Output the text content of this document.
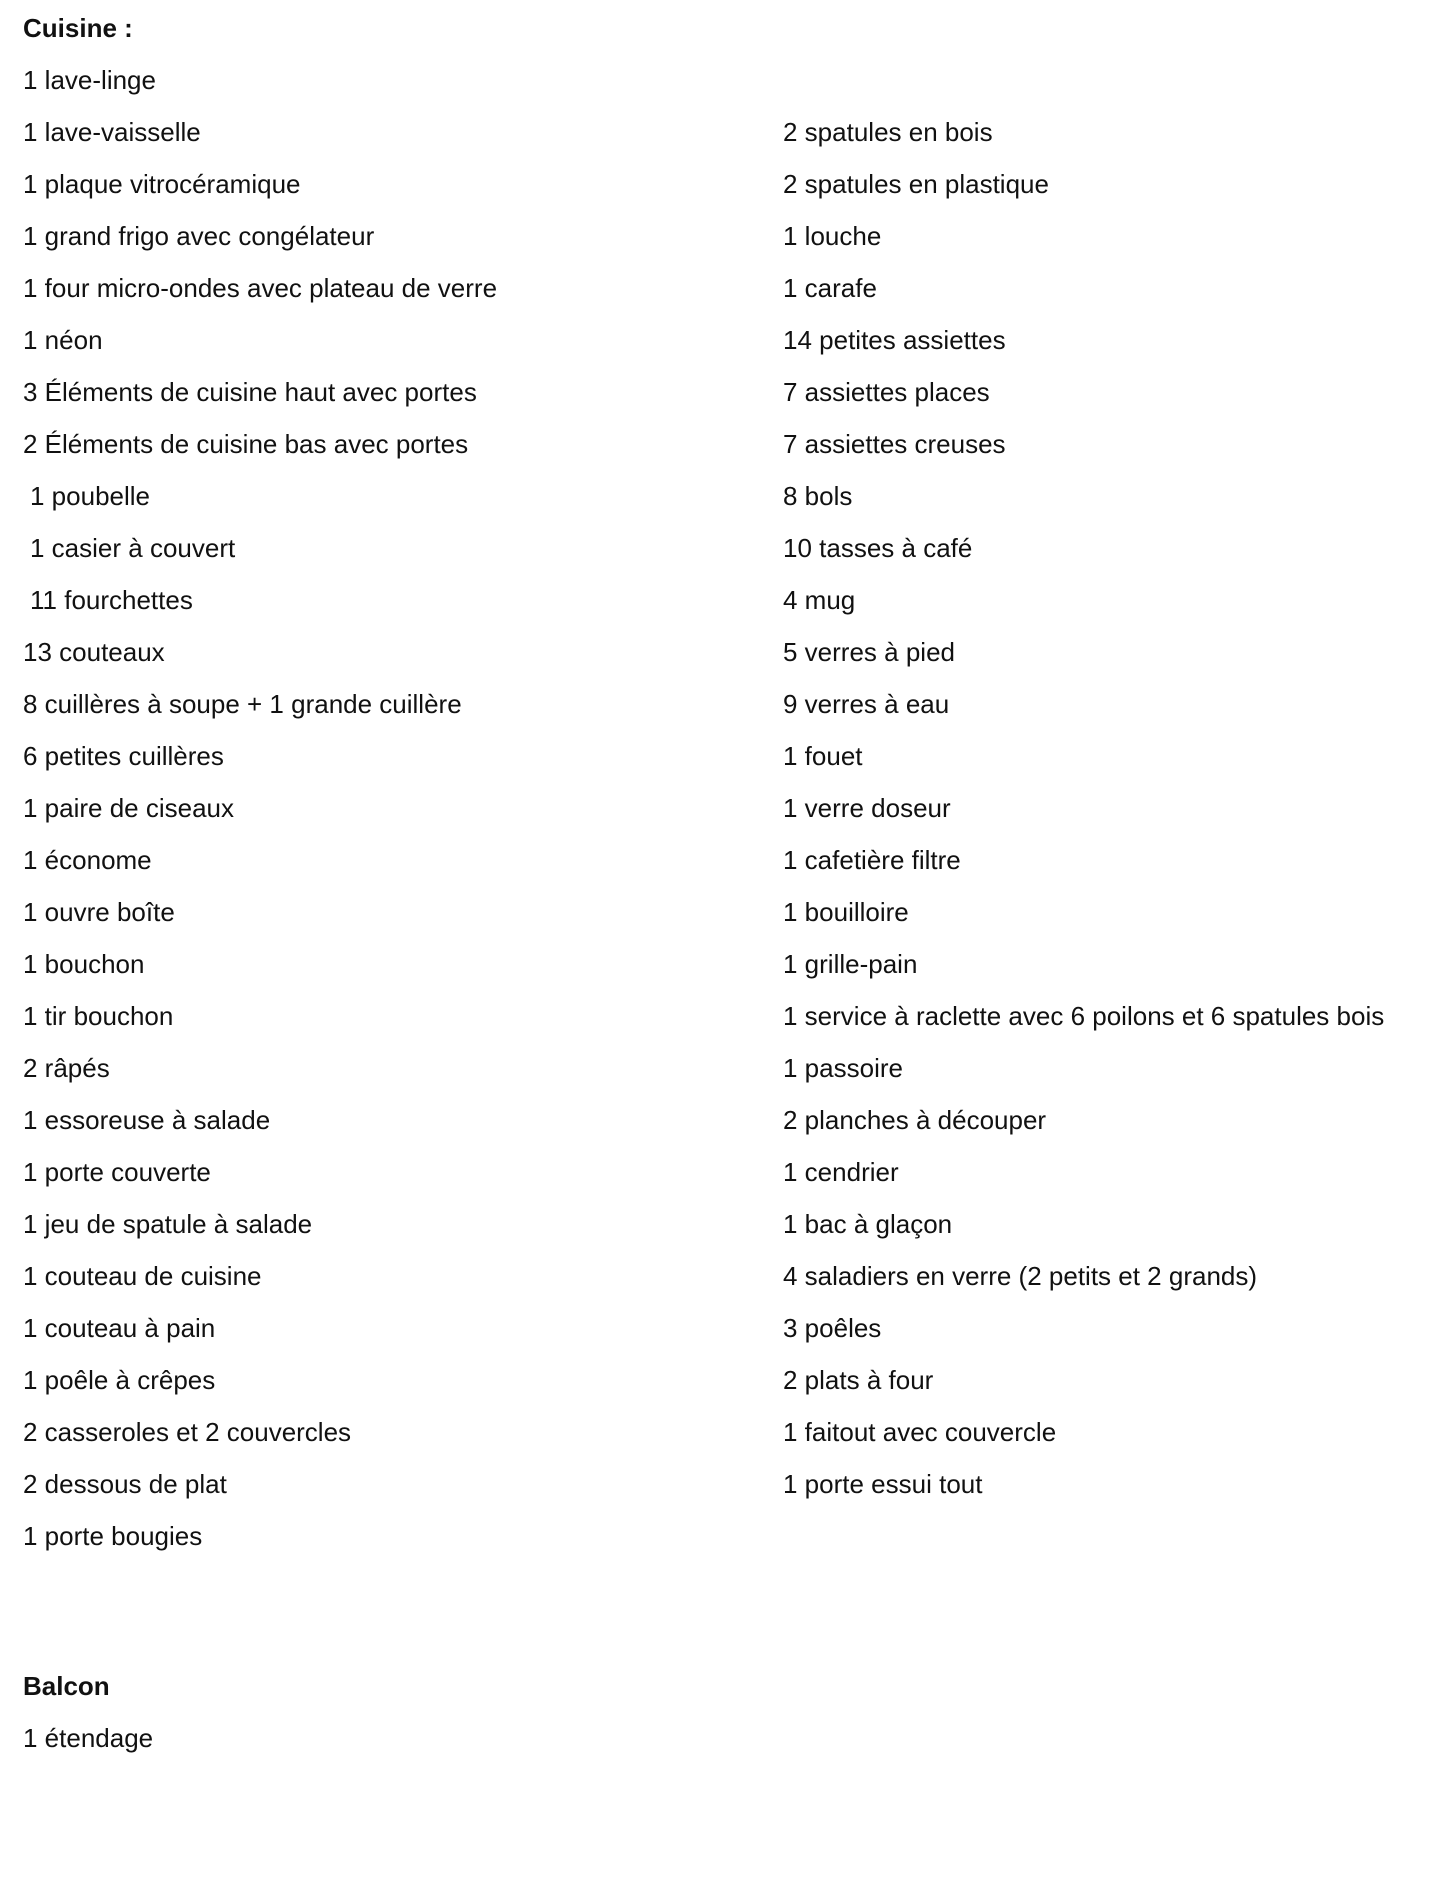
Cuisine :
1 lave-linge
1 lave-vaisselle
1 plaque vitrocéramique
1 grand frigo avec congélateur
1 four micro-ondes avec plateau de verre
1 néon
3 Éléments de cuisine haut avec portes
2 Éléments de cuisine bas avec portes
1 poubelle
1 casier à couvert
11 fourchettes
13 couteaux
8 cuillères à soupe + 1 grande cuillère
6 petites cuillères
1 paire de ciseaux
1 économe
1 ouvre boîte
1 bouchon
1 tir bouchon
2 râpés
1 essoreuse à salade
1 porte couverte
1 jeu de spatule à salade
1 couteau de cuisine
1 couteau à pain
1 poêle à crêpes
2 casseroles et 2 couvercles
2 dessous de plat
1 porte bougies
2 spatules en bois
2 spatules en plastique
1 louche
1 carafe
14 petites assiettes
7 assiettes places
7 assiettes creuses
8 bols
10 tasses à café
4 mug
5 verres à pied
9 verres à eau
1 fouet
1 verre doseur
1 cafetière filtre
1 bouilloire
1 grille-pain
1 service à raclette avec 6 poilons et 6 spatules bois
1 passoire
2 planches à découper
1 cendrier
1 bac à glaçon
4 saladiers en verre (2 petits et 2 grands)
3 poêles
2 plats à four
1 faitout avec couvercle
1 porte essui tout
Balcon
1 étendage
